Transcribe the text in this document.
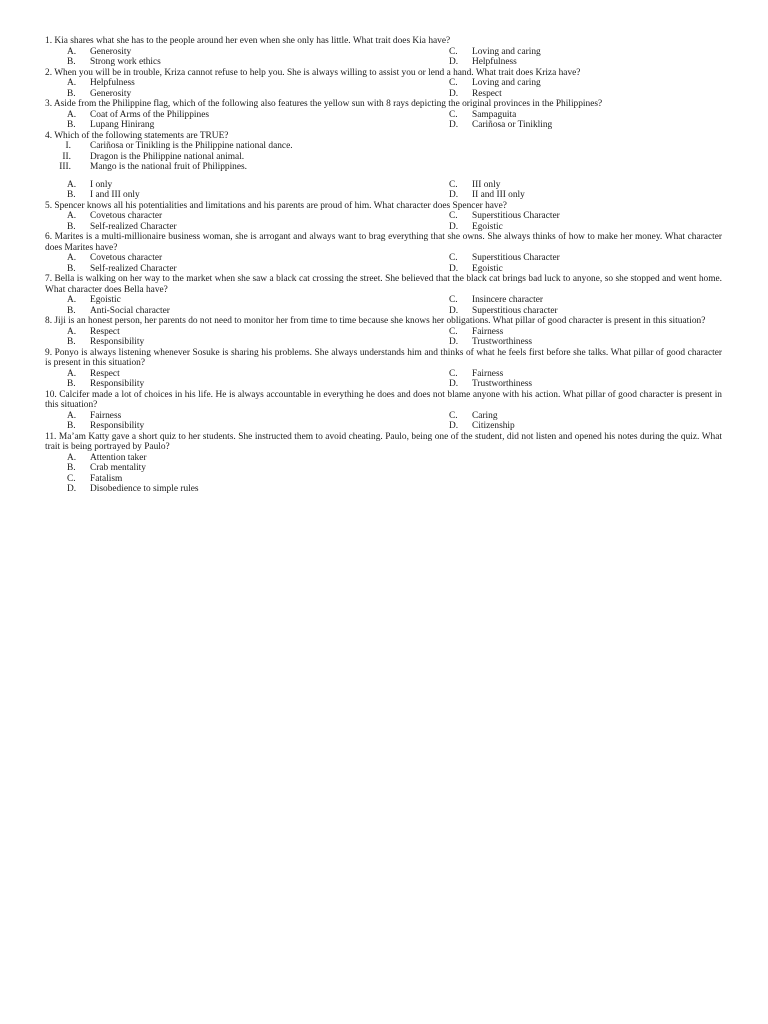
1. Kia shares what she has to the people around her even when she only has little. What trait does Kia have?
A.	Generosity	C.	Loving and caring
B.	Strong work ethics	D.	Helpfulness
2. When you will be in trouble, Kriza cannot refuse to help you. She is always willing to assist you or lend a hand. What trait does Kriza have?
A.	Helpfulness	C.	Loving and caring
B.	Generosity	D.	Respect
3. Aside from the Philippine flag, which of the following also features the yellow sun with 8 rays depicting the original provinces in the Philippines?
A.	Coat of Arms of the Philippines	C.	Sampaguita
B.	Lupang Hinirang	D.	Cariñosa or Tinikling
4. Which of the following statements are TRUE?
I.	Cariñosa or Tinikling is the Philippine national dance.
II.	Dragon is the Philippine national animal.
III.	Mango is the national fruit of Philippines.
A.	I only	C.	III only
B.	I and III only	D.	II and III only
5. Spencer knows all his potentialities and limitations and his parents are proud of him. What character does Spencer have?
A.	Covetous character	C.	Superstitious Character
B.	Self-realized Character	D.	Egoistic
6. Marites is a multi-millionaire business woman, she is arrogant and always want to brag everything that she owns. She always thinks of how to make her money. What character does Marites have?
A.	Covetous character	C.	Superstitious Character
B.	Self-realized Character	D.	Egoistic
7. Bella is walking on her way to the market when she saw a black cat crossing the street. She believed that the black cat brings bad luck to anyone, so she stopped and went home. What character does Bella have?
A.	Egoistic	C.	Insincere character
B.	Anti-Social character	D.	Superstitious character
8. Jiji is an honest person, her parents do not need to monitor her from time to time because she knows her obligations. What pillar of good character is present in this situation?
A.	Respect	C.	Fairness
B.	Responsibility	D.	Trustworthiness
9. Ponyo is always listening whenever Sosuke is sharing his problems. She always understands him and thinks of what he feels first before she talks. What pillar of good character is present in this situation?
A.	Respect	C.	Fairness
B.	Responsibility	D.	Trustworthiness
10. Calcifer made a lot of choices in his life. He is always accountable in everything he does and does not blame anyone with his action. What pillar of good character is present in this situation?
A.	Fairness	C.	Caring
B.	Responsibility	D.	Citizenship
11. Ma’am Katty gave a short quiz to her students. She instructed them to avoid cheating. Paulo, being one of the student, did not listen and opened his notes during the quiz. What trait is being portrayed by Paulo?
A.	Attention taker
B.	Crab mentality
C.	Fatalism
D.	Disobedience to simple rules
